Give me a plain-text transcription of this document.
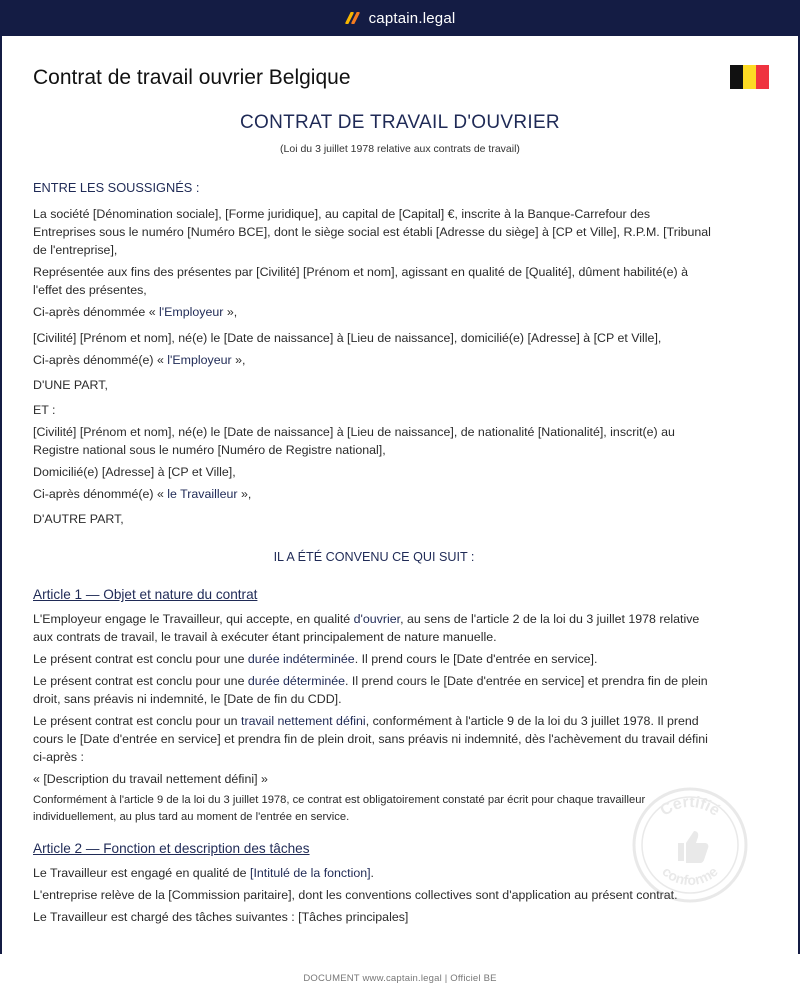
captain.legal
Contrat de travail ouvrier Belgique
CONTRAT DE TRAVAIL D'OUVRIER
(Loi du 3 juillet 1978 relative aux contrats de travail)

ENTRE LES SOUSSIGNÉS :

La société [Dénomination sociale], [Forme juridique], au capital de [Capital] €, inscrite à la Banque-Carrefour des Entreprises sous le numéro [Numéro BCE], dont le siège social est établi [Adresse du siège] à [CP et Ville], R.P.M. [Tribunal de l'entreprise],

Représentée aux fins des présentes par [Civilité] [Prénom et nom], agissant en qualité de [Qualité], dûment habilité(e) à l'effet des présentes,

Ci-après dénommée « l'Employeur »,

[Civilité] [Prénom et nom], né(e) le [Date de naissance] à [Lieu de naissance], domicilié(e) [Adresse] à [CP et Ville],

Ci-après dénommé(e) « l'Employeur »,

D'UNE PART,

ET :

[Civilité] [Prénom et nom], né(e) le [Date de naissance] à [Lieu de naissance], de nationalité [Nationalité], inscrit(e) au Registre national sous le numéro [Numéro de Registre national],

Domicilié(e) [Adresse] à [CP et Ville],

Ci-après dénommé(e) « le Travailleur »,

D'AUTRE PART,

IL A ÉTÉ CONVENU CE QUI SUIT :

Article 1 — Objet et nature du contrat

L'Employeur engage le Travailleur, qui accepte, en qualité d'ouvrier, au sens de l'article 2 de la loi du 3 juillet 1978 relative aux contrats de travail, le travail à exécuter étant principalement de nature manuelle.

Le présent contrat est conclu pour une durée indéterminée. Il prend cours le [Date d'entrée en service].

Le présent contrat est conclu pour une durée déterminée. Il prend cours le [Date d'entrée en service] et prendra fin de plein droit, sans préavis ni indemnité, le [Date de fin du CDD].

Le présent contrat est conclu pour un travail nettement défini, conformément à l'article 9 de la loi du 3 juillet 1978. Il prend cours le [Date d'entrée en service] et prendra fin de plein droit, sans préavis ni indemnité, dès l'achèvement du travail défini ci-après :

« [Description du travail nettement défini] »

Conformément à l'article 9 de la loi du 3 juillet 1978, ce contrat est obligatoirement constaté par écrit pour chaque travailleur individuellement, au plus tard au moment de l'entrée en service.

Article 2 — Fonction et description des tâches

Le Travailleur est engagé en qualité de [Intitulé de la fonction].

L'entreprise relève de la [Commission paritaire], dont les conventions collectives sont d'application au présent contrat.

Le Travailleur est chargé des tâches suivantes : [Tâches principales]

Certifié
conforme
DOCUMENT www.captain.legal | Officiel BE
